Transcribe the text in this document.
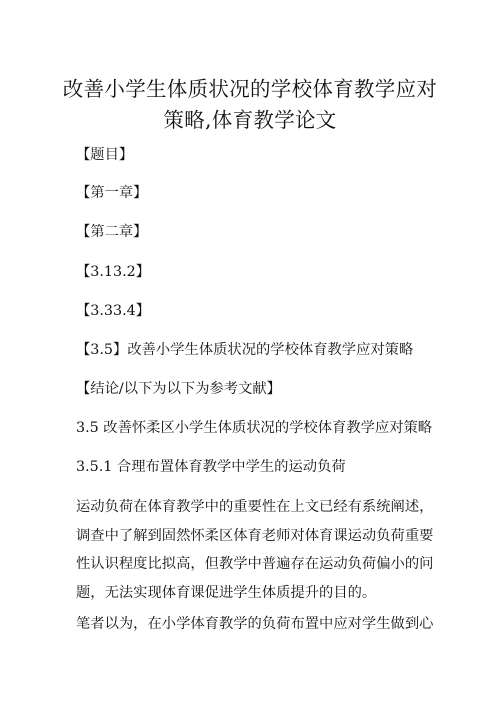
改善小学生体质状况的学校体育教学应对
策略,体育教学论文

【题目】

【第一章】

【第二章】

【3.13.2】

【3.33.4】

【3.5】改善小学生体质状况的学校体育教学应对策略

【结论/以下为以下为参考文献】

3.5 改善怀柔区小学生体质状况的学校体育教学应对策略

3.5.1 合理布置体育教学中学生的运动负荷

运动负荷在体育教学中的重要性在上文已经有系统阐述，
调查中了解到固然怀柔区体育老师对体育课运动负荷重要
性认识程度比拟高，但教学中普遍存在运动负荷偏小的问
题，无法实现体育课促进学生体质提升的目的。
笔者以为，在小学体育教学的负荷布置中应对学生做到心
